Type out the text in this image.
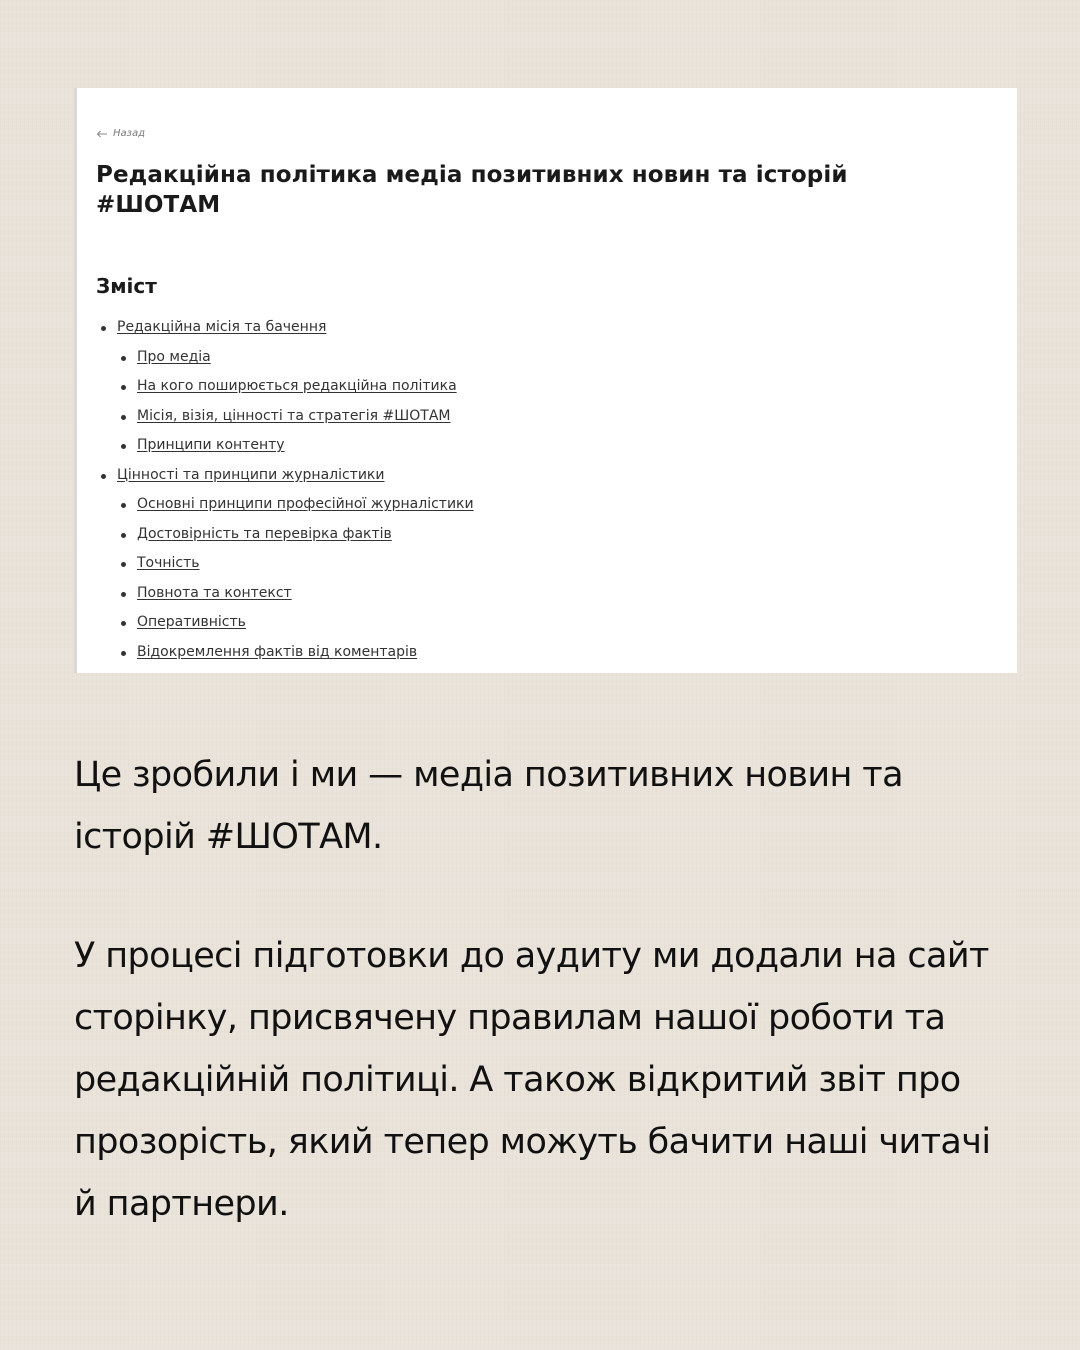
Назад
Редакційна політика медіа позитивних новин та історій #ШОТАМ
Зміст
Редакційна місія та бачення
Про медіа
На кого поширюється редакційна політика
Місія, візія, цінності та стратегія #ШОТАМ
Принципи контенту
Цінності та принципи журналістики
Основні принципи професійної журналістики
Достовірність та перевірка фактів
Точність
Повнота та контекст
Оперативність
Відокремлення фактів від коментарів

Це зробили і ми — медіа позитивних новин та історій #ШОТАМ.

У процесі підготовки до аудиту ми додали на сайт сторінку, присвячену правилам нашої роботи та редакційній політиці. А також відкритий звіт про прозорість, який тепер можуть бачити наші читачі й партнери.
